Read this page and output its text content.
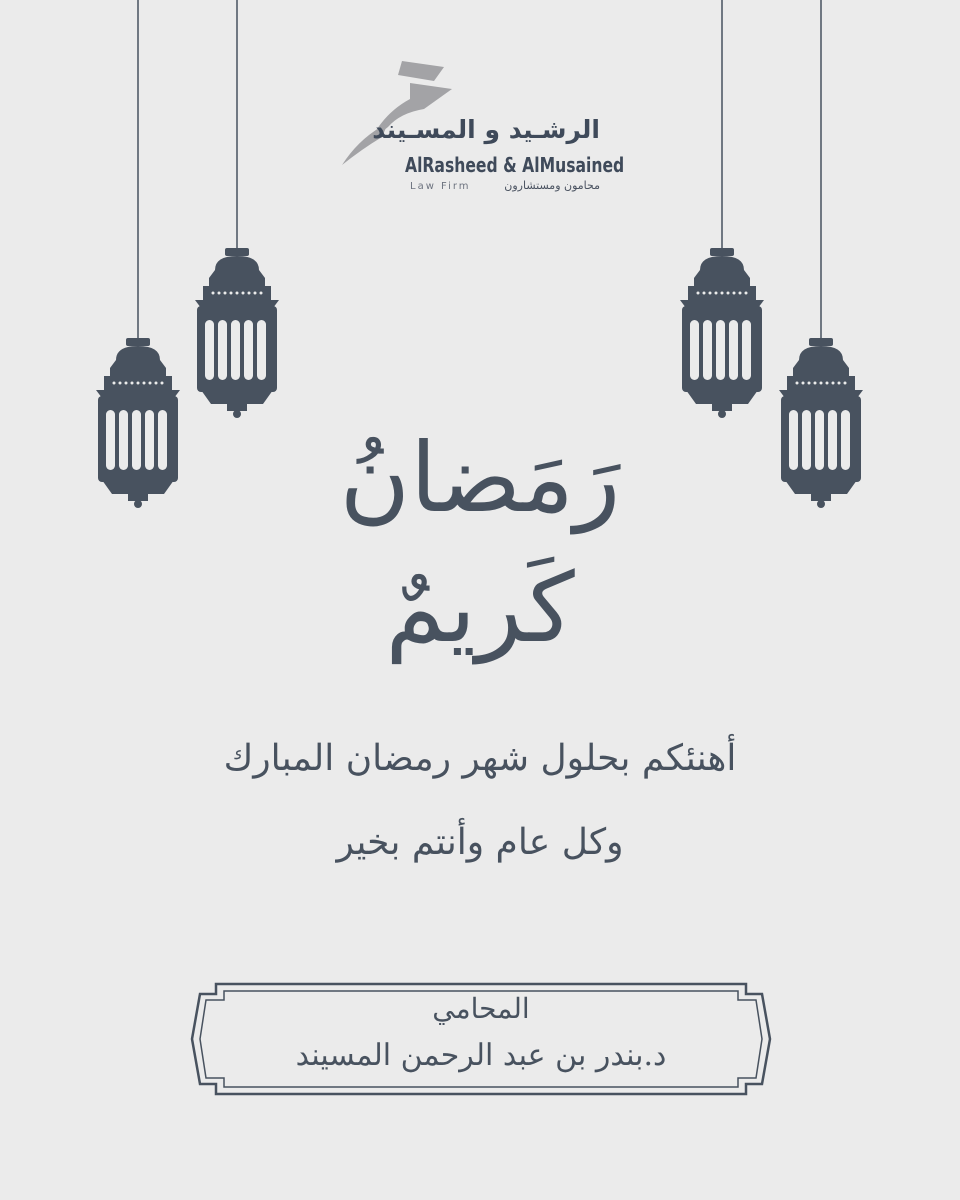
الرشـيد و المسـيند
AlRasheed & AlMusained
Law Firm	محامون ومستشارون
رَمَضانُ
كَريمٌ
أهنئكم بحلول شهر رمضان المبارك
وكل عام وأنتم بخير
المحامي
د.بندر بن عبد الرحمن المسيند
